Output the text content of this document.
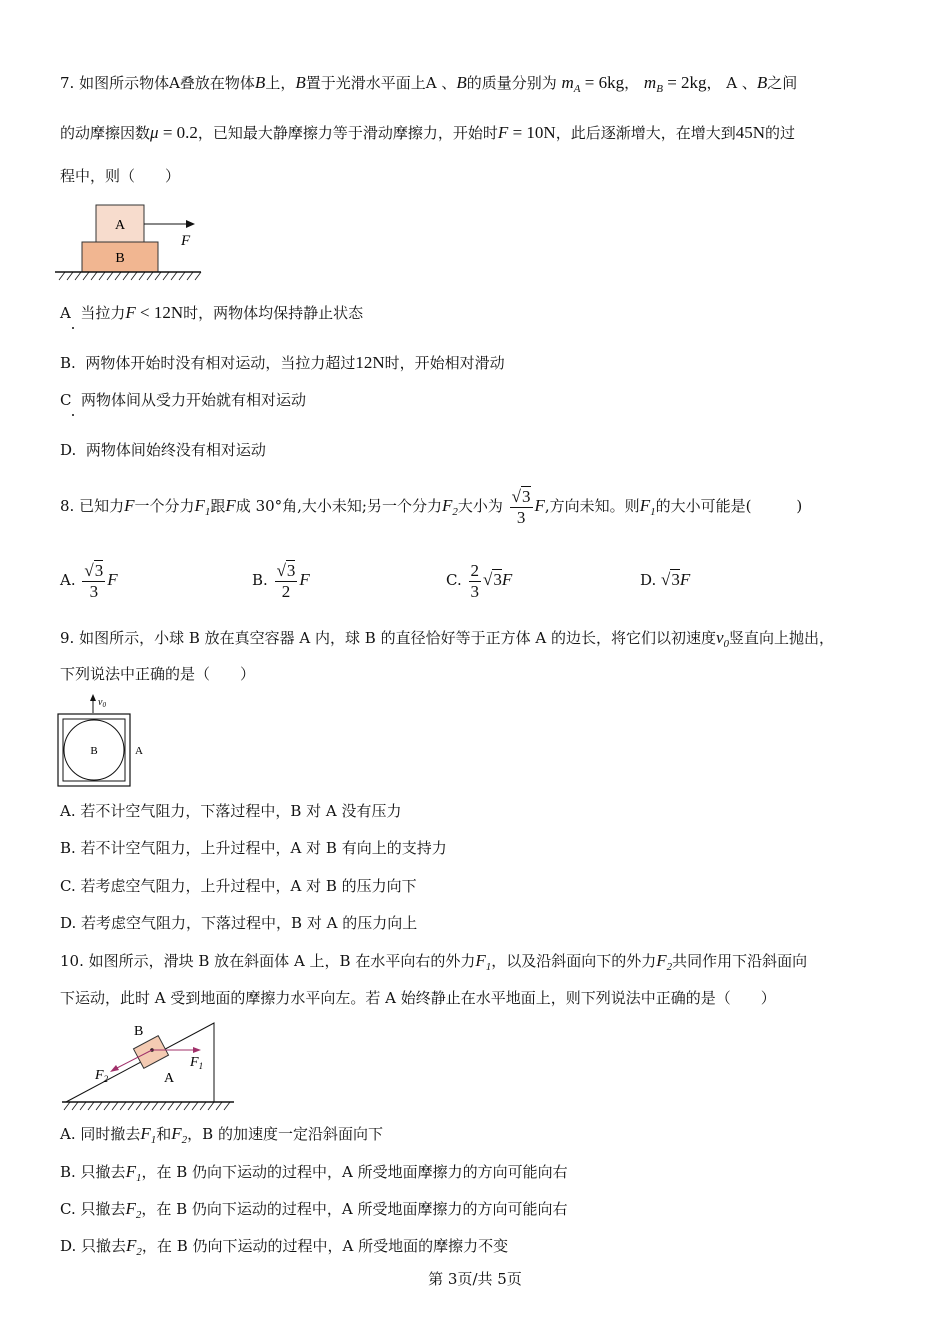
7. 如图所示物体A叠放在物体B上，B置于光滑水平面上A 、B的质量分别为 $m_A = 6kg$， $m_B = 2kg$， A 、B之间
的动摩擦因数μ = 0.2，已知最大静摩擦力等于滑动摩擦力，开始时F = 10N，此后逐渐增大，在增大到45N的过
程中，则（　　）
A
B
F
A 当拉力F < 12N时，两物体均保持静止状态
B. 两物体开始时没有相对运动，当拉力超过12N时，开始相对滑动
C 两物体间从受力开始就有相对运动
D. 两物体间始终没有相对运动
8. 已知力F一个分力$F_1$跟F成 30°角,大小未知;另一个分力$F_2$大小为 $\frac{√3}{3} F$,方向未知。则$F_1$的大小可能是(　　　)
A. $\frac{√3}{3}$ F	B. $\frac{√3}{2}$ F	C. $\frac{2}{3} √3F$	D. √3F
9. 如图所示，小球 B 放在真空容器 A 内，球 B 的直径恰好等于正方体 A 的边长，将它们以初速度$v_0$竖直向上抛出，
下列说法中正确的是（　　）
$v_0$
B	A
A. 若不计空气阻力，下落过程中，B 对 A 没有压力
B. 若不计空气阻力，上升过程中，A 对 B 有向上的支持力
C. 若考虑空气阻力，上升过程中，A 对 B 的压力向下
D. 若考虑空气阻力，下落过程中，B 对 A 的压力向上
10. 如图所示，滑块 B 放在斜面体 A 上，B 在水平向右的外力$F_1$，以及沿斜面向下的外力$F_2$共同作用下沿斜面向
下运动，此时 A 受到地面的摩擦力水平向左。若 A 始终静止在水平地面上，则下列说法中正确的是（　　）
A
B
$F_1$
$F_2$
A. 同时撤去$F_1$和$F_2$，B 的加速度一定沿斜面向下
B. 只撤去$F_1$，在 B 仍向下运动的过程中，A 所受地面摩擦力的方向可能向右
C. 只撤去$F_2$，在 B 仍向下运动的过程中，A 所受地面摩擦力的方向可能向右
D. 只撤去$F_2$，在 B 仍向下运动的过程中，A 所受地面的摩擦力不变
第 3页/共 5页
